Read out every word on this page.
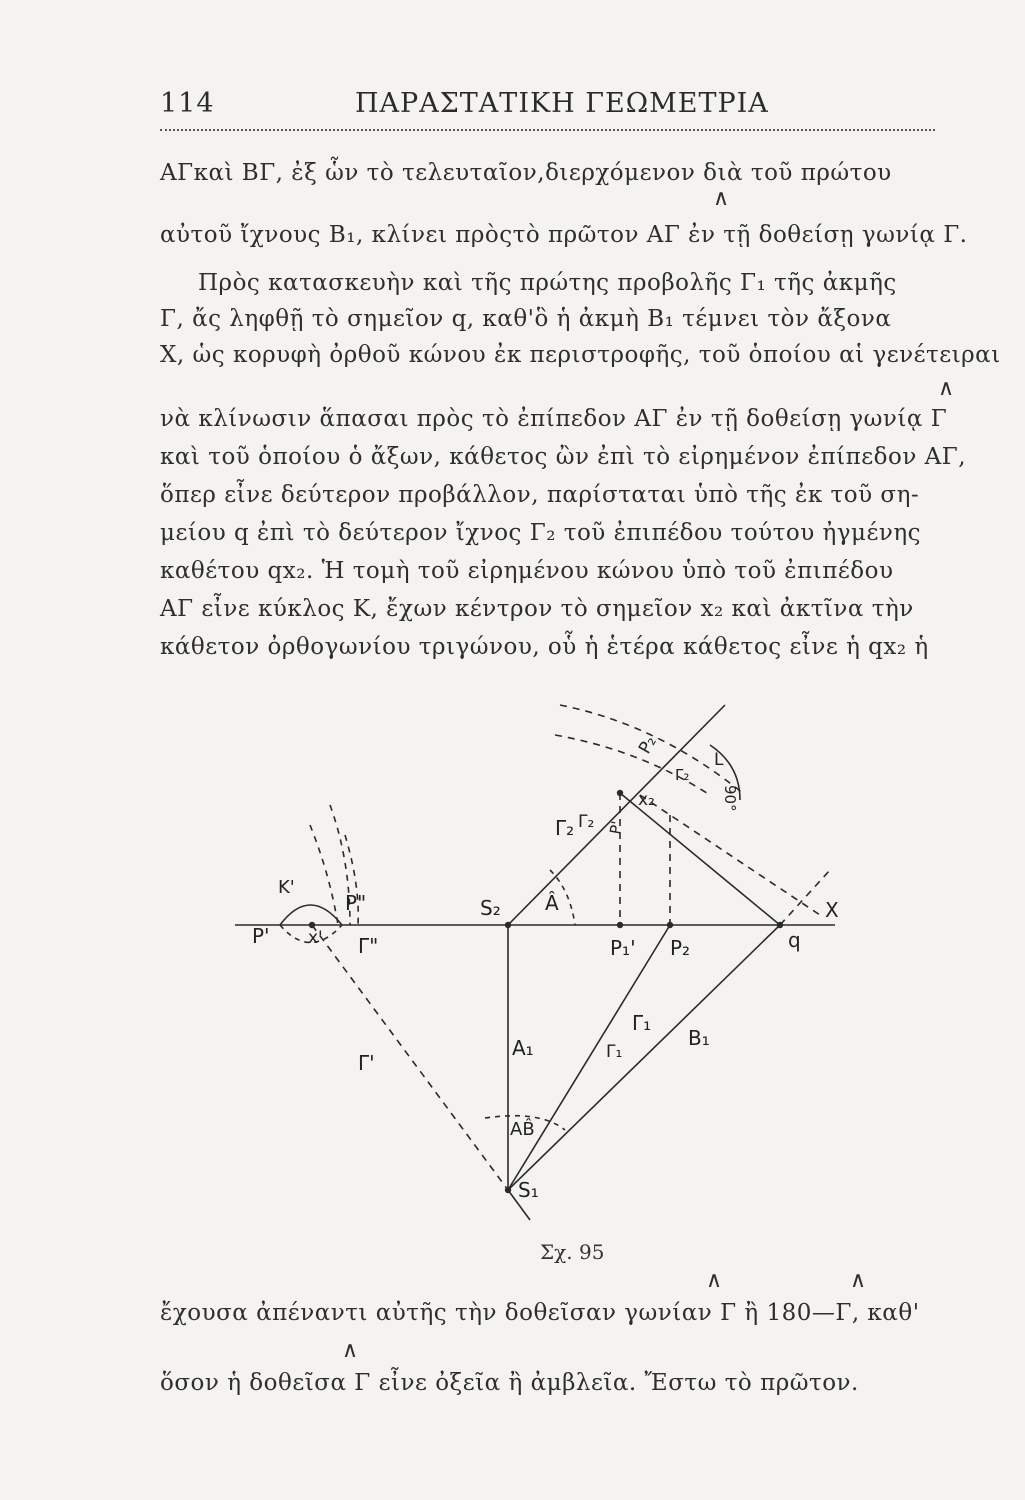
114	ΠΑΡΑΣΤΑΤΙΚΗ ΓΕΩΜΕΤΡΙΑ
ΑΓκαὶ ΒΓ, ἐξ ὧν τὸ τελευταῖον,διερχόμενον διὰ τοῦ πρώτου
∧
αὐτοῦ ἴχνους Β₁, κλίνει πρὸςτὸ πρῶτον ΑΓ ἐν τῇ δοθείσῃ γωνίᾳ Γ.
Πρὸς κατασκευὴν καὶ τῆς πρώτης προβολῆς Γ₁ τῆς ἀκμῆς
Γ, ἄς ληφθῇ τὸ σημεῖον q, καθ'ὃ ἡ ἀκμὴ Β₁ τέμνει τὸν ἄξονα
Χ, ὡς κορυφὴ ὀρθοῦ κώνου ἐκ περιστροφῆς, τοῦ ὁποίου αἱ γενέτειραι
∧
νὰ κλίνωσιν ἅπασαι πρὸς τὸ ἐπίπεδον ΑΓ ἐν τῇ δοθείσῃ γωνίᾳ Γ
καὶ τοῦ ὁποίου ὁ ἄξων, κάθετος ὢν ἐπὶ τὸ εἰρημένον ἐπίπεδον ΑΓ,
ὅπερ εἶνε δεύτερον προβάλλον, παρίσταται ὑπὸ τῆς ἐκ τοῦ ση-
μείου q ἐπὶ τὸ δεύτερον ἴχνος Γ₂ τοῦ ἐπιπέδου τούτου ἠγμένης
καθέτου qx₂. Ἡ τομὴ τοῦ εἰρημένου κώνου ὑπὸ τοῦ ἐπιπέδου
ΑΓ εἶνε κύκλος Κ, ἔχων κέντρον τὸ σημεῖον x₂ καὶ ἀκτῖνα τὴν
κάθετον ὀρθογωνίου τριγώνου, οὗ ἡ ἑτέρα κάθετος εἶνε ἡ qx₂ ἡ
X
q
S₂
S₁
Â
P₁' P₂
A₁	B₁
Γ₁
Γ₁
Γ₂ Γ₂
AB̂
P'
P"
x'
K'
Γ"
Γ'
P₂
x₂
L
90°
P'
Γ₂
Σχ. 95
∧	∧
ἔχουσα ἀπέναντι αὐτῆς τὴν δοθεῖσαν γωνίαν Γ ἢ 180—Γ, καθ'
∧
ὅσον ἡ δοθεῖσα Γ εἶνε ὀξεῖα ἢ ἀμβλεῖα. Ἔστω τὸ πρῶτον.
